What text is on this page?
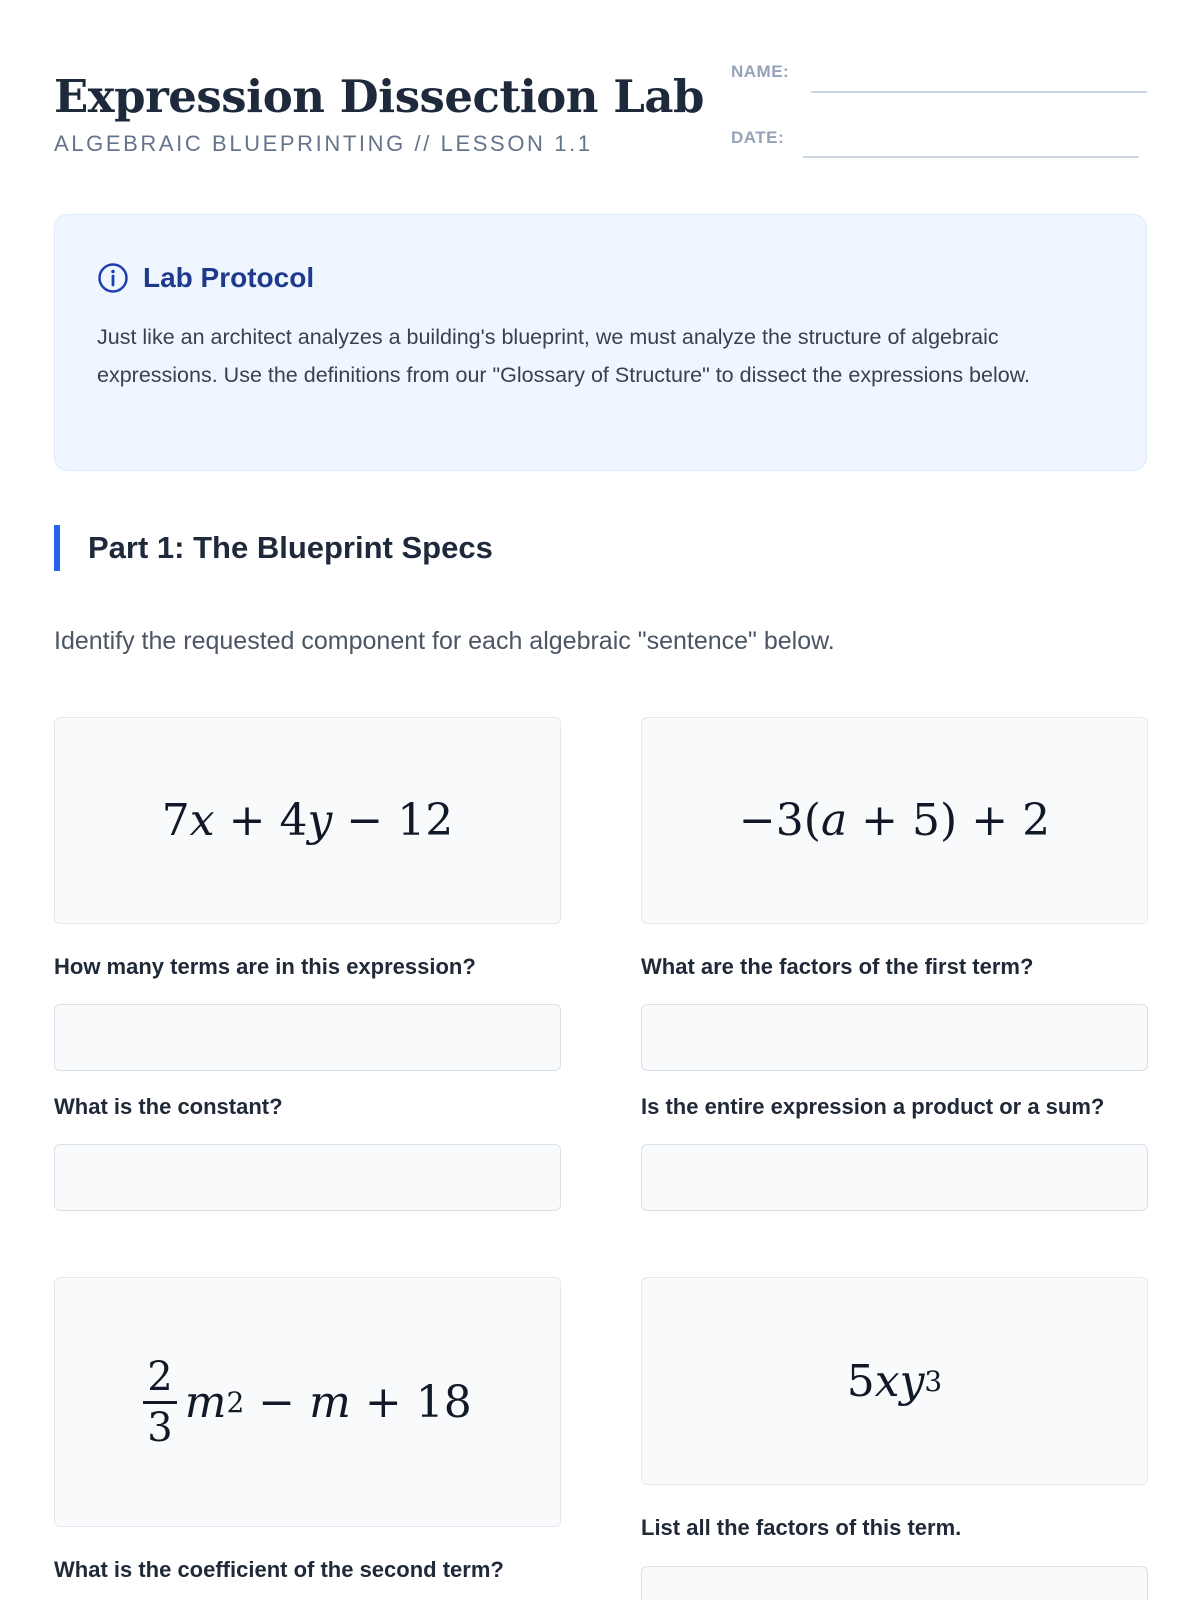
Expression Dissection Lab
ALGEBRAIC BLUEPRINTING // LESSON 1.1
NAME:
DATE:
Lab Protocol
Just like an architect analyzes a building's blueprint, we must analyze the structure of algebraic expressions. Use the definitions from our "Glossary of Structure" to dissect the expressions below.
Part 1: The Blueprint Specs
Identify the requested component for each algebraic "sentence" below.
7 x + 4 y − 12
How many terms are in this expression?
What is the constant?
−3( a + 5) + 2
What are the factors of the first term?
Is the entire expression a product or a sum?
$\frac{2}{3}$ m 2 − m + 18
What is the coefficient of the second term?
5 x y 3
List all the factors of this term.
